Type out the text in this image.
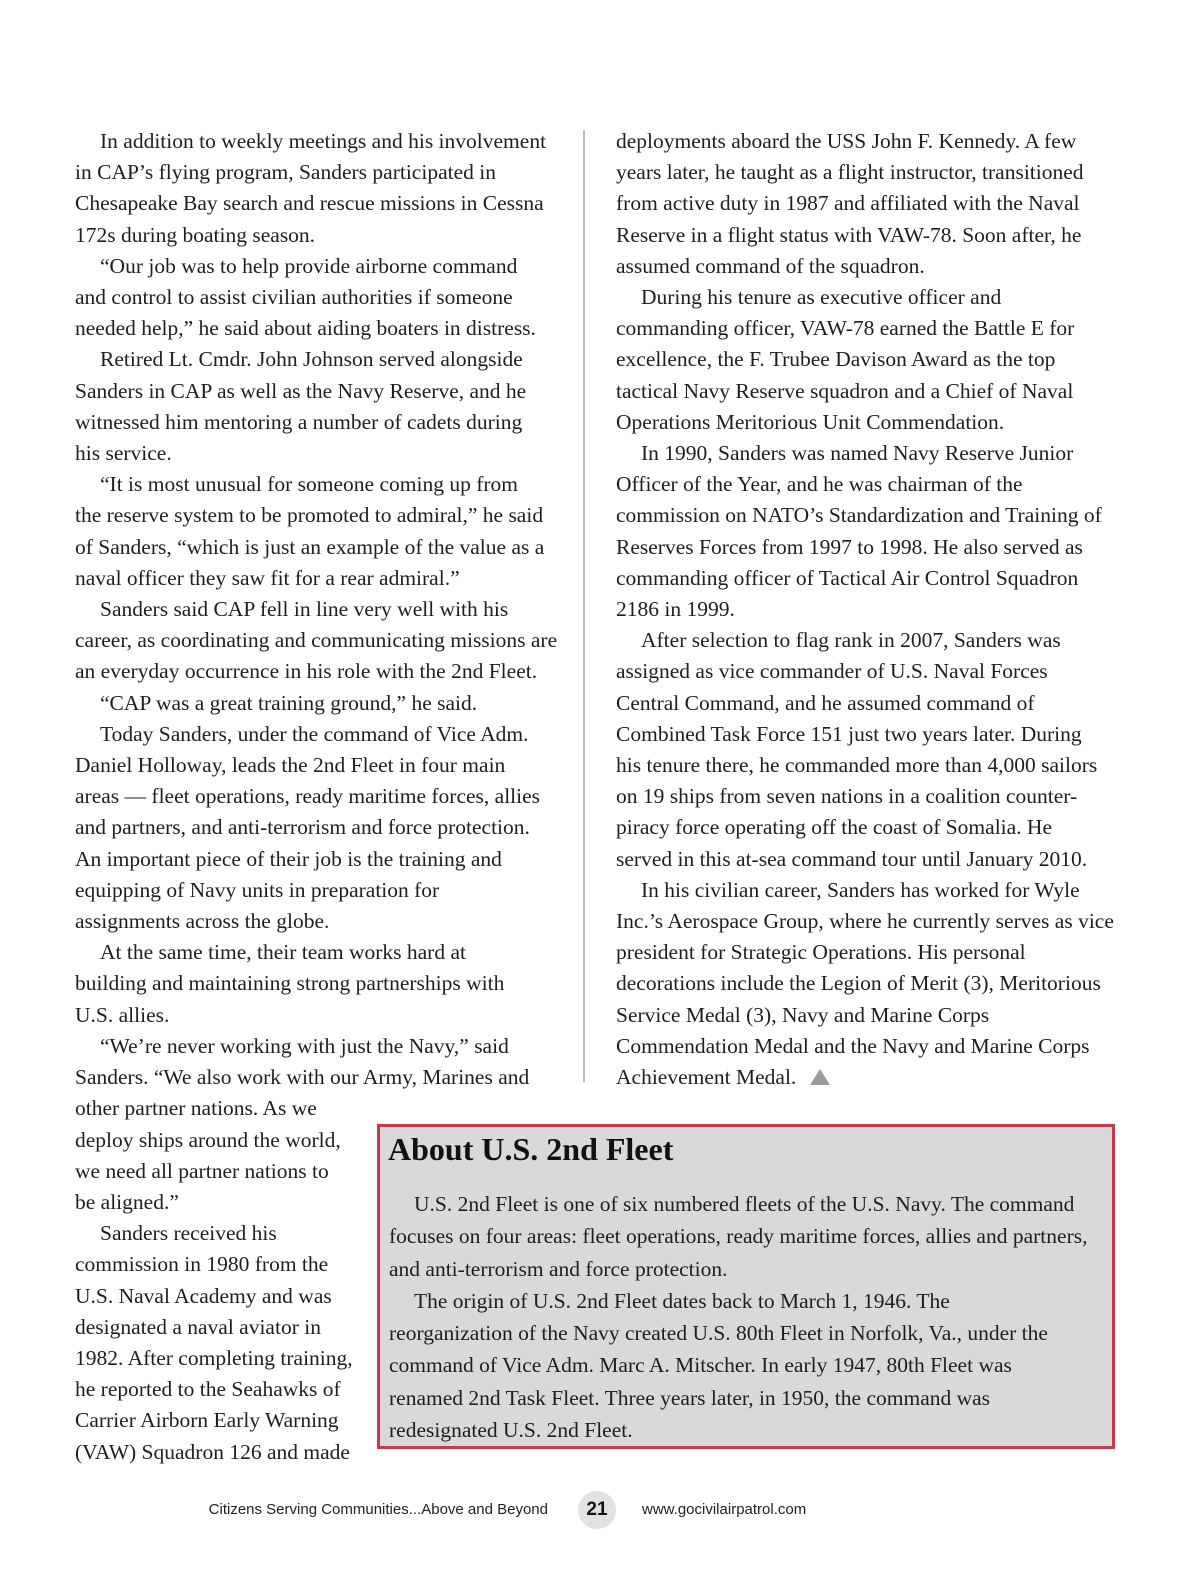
In addition to weekly meetings and his involvement

in CAP’s flying program, Sanders participated in

Chesapeake Bay search and rescue missions in Cessna

172s during boating season.

“Our job was to help provide airborne command

and control to assist civilian authorities if someone

needed help,” he said about aiding boaters in distress.

Retired Lt. Cmdr. John Johnson served alongside

Sanders in CAP as well as the Navy Reserve, and he

witnessed him mentoring a number of cadets during

his service.

“It is most unusual for someone coming up from

the reserve system to be promoted to admiral,” he said

of Sanders, “which is just an example of the value as a

naval officer they saw fit for a rear admiral.”

Sanders said CAP fell in line very well with his

career, as coordinating and communicating missions are

an everyday occurrence in his role with the 2nd Fleet.

“CAP was a great training ground,” he said.

Today Sanders, under the command of Vice Adm.

Daniel Holloway, leads the 2nd Fleet in four main

areas — fleet operations, ready maritime forces, allies

and partners, and anti-terrorism and force protection.

An important piece of their job is the training and

equipping of Navy units in preparation for

assignments across the globe.

At the same time, their team works hard at

building and maintaining strong partnerships with

U.S. allies.

“We’re never working with just the Navy,” said

Sanders. “We also work with our Army, Marines and

other partner nations. As we

deploy ships around the world,

we need all partner nations to

be aligned.”

Sanders received his

commission in 1980 from the

U.S. Naval Academy and was

designated a naval aviator in

1982. After completing training,

he reported to the Seahawks of

Carrier Airborn Early Warning

(VAW) Squadron 126 and made

deployments aboard the USS John F. Kennedy. A few

years later, he taught as a flight instructor, transitioned

from active duty in 1987 and affiliated with the Naval

Reserve in a flight status with VAW-78. Soon after, he

assumed command of the squadron.

During his tenure as executive officer and

commanding officer, VAW-78 earned the Battle E for

excellence, the F. Trubee Davison Award as the top

tactical Navy Reserve squadron and a Chief of Naval

Operations Meritorious Unit Commendation.

In 1990, Sanders was named Navy Reserve Junior

Officer of the Year, and he was chairman of the

commission on NATO’s Standardization and Training of

Reserves Forces from 1997 to 1998. He also served as

commanding officer of Tactical Air Control Squadron

2186 in 1999.

After selection to flag rank in 2007, Sanders was

assigned as vice commander of U.S. Naval Forces

Central Command, and he assumed command of

Combined Task Force 151 just two years later. During

his tenure there, he commanded more than 4,000 sailors

on 19 ships from seven nations in a coalition counter-

piracy force operating off the coast of Somalia. He

served in this at-sea command tour until January 2010.

In his civilian career, Sanders has worked for Wyle

Inc.’s Aerospace Group, where he currently serves as vice

president for Strategic Operations. His personal

decorations include the Legion of Merit (3), Meritorious

Service Medal (3), Navy and Marine Corps

Commendation Medal and the Navy and Marine Corps

Achievement Medal.

About U.S. 2nd Fleet

U.S. 2nd Fleet is one of six numbered fleets of the U.S. Navy. The command

focuses on four areas: fleet operations, ready maritime forces, allies and partners,

and anti-terrorism and force protection.

The origin of U.S. 2nd Fleet dates back to March 1, 1946. The

reorganization of the Navy created U.S. 80th Fleet in Norfolk, Va., under the

command of Vice Adm. Marc A. Mitscher. In early 1947, 80th Fleet was

renamed 2nd Task Fleet. Three years later, in 1950, the command was

redesignated U.S. 2nd Fleet.

Citizens Serving Communities...Above and Beyond	21	www.gocivilairpatrol.com
